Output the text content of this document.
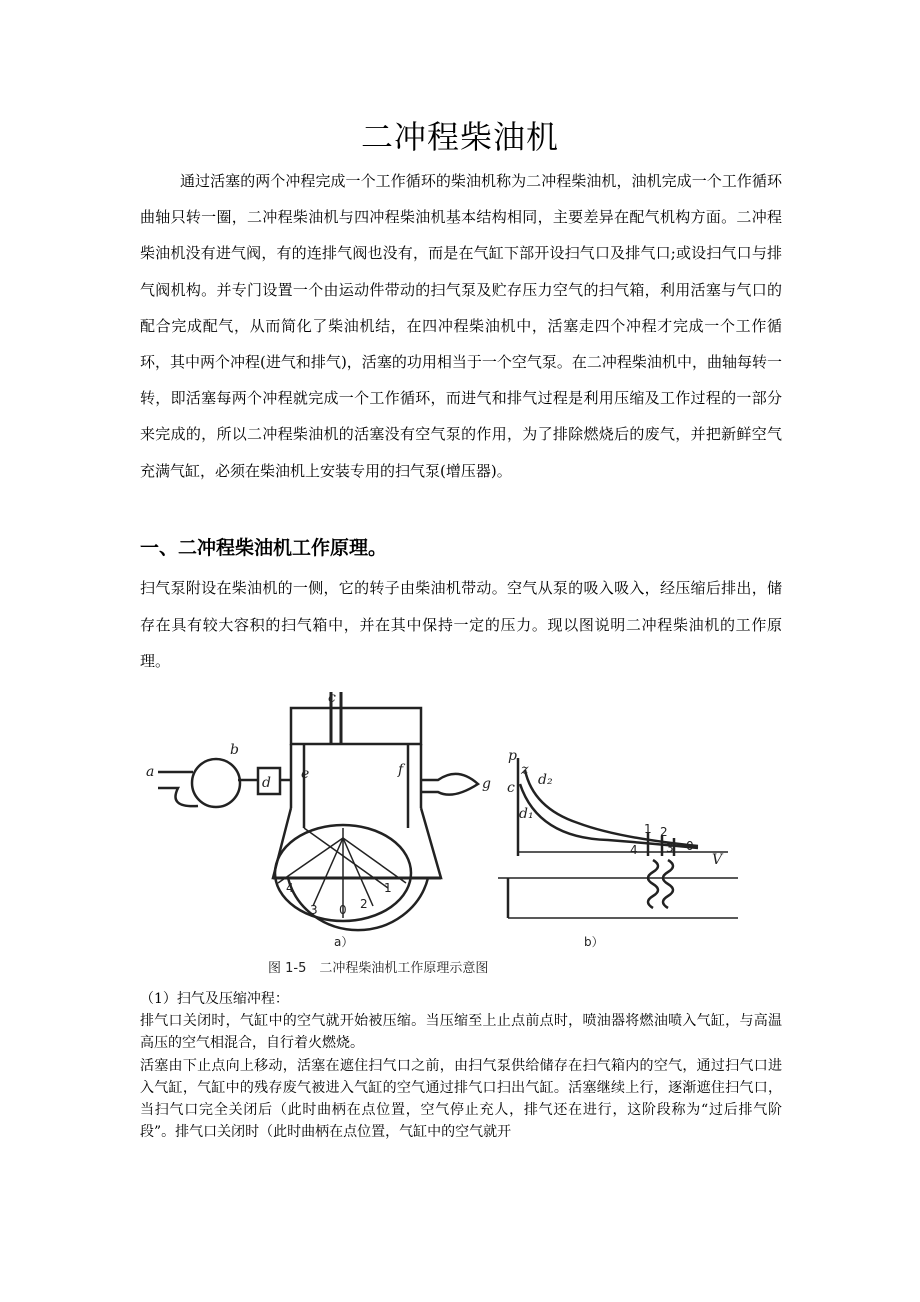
二冲程柴油机

通过活塞的两个冲程完成一个工作循环的柴油机称为二冲程柴油机，油机完成一个工作循环曲轴只转一圈，二冲程柴油机与四冲程柴油机基本结构相同，主要差异在配气机构方面。二冲程柴油机没有进气阀，有的连排气阀也没有，而是在气缸下部开设扫气口及排气口;或设扫气口与排气阀机构。并专门设置一个由运动件带动的扫气泵及贮存压力空气的扫气箱，利用活塞与气口的配合完成配气，从而简化了柴油机结，在四冲程柴油机中，活塞走四个冲程才完成一个工作循环，其中两个冲程(进气和排气)，活塞的功用相当于一个空气泵。在二冲程柴油机中，曲轴每转一转，即活塞每两个冲程就完成一个工作循环，而进气和排气过程是利用压缩及工作过程的一部分来完成的，所以二冲程柴油机的活塞没有空气泵的作用，为了排除燃烧后的废气，并把新鲜空气充满气缸，必须在柴油机上安装专用的扫气泵(增压器)。

一、二冲程柴油机工作原理。

扫气泵附设在柴油机的一侧，它的转子由柴油机带动。空气从泵的吸入吸入，经压缩后排出，储存在具有较大容积的扫气箱中，并在其中保持一定的压力。现以图说明二冲程柴油机的工作原理。

a
b
c
d
e	f
g
p
V
z
c d₂
d₁
4
3 0 2
1
1 2
3 0
4
a）	b）
图 1-5　二冲程柴油机工作原理示意图
（1）扫气及压缩冲程：
排气口关闭时，气缸中的空气就开始被压缩。当压缩至上止点前点时，喷油器将燃油喷入气缸，与高温高压的空气相混合，自行着火燃烧。
活塞由下止点向上移动，活塞在遮住扫气口之前，由扫气泵供给储存在扫气箱内的空气，通过扫气口进入气缸，气缸中的残存废气被进入气缸的空气通过排气口扫出气缸。活塞继续上行，逐渐遮住扫气口，当扫气口完全关闭后（此时曲柄在点位置，空气停止充人，排气还在进行，这阶段称为“过后排气阶段”。排气口关闭时（此时曲柄在点位置，气缸中的空气就开
